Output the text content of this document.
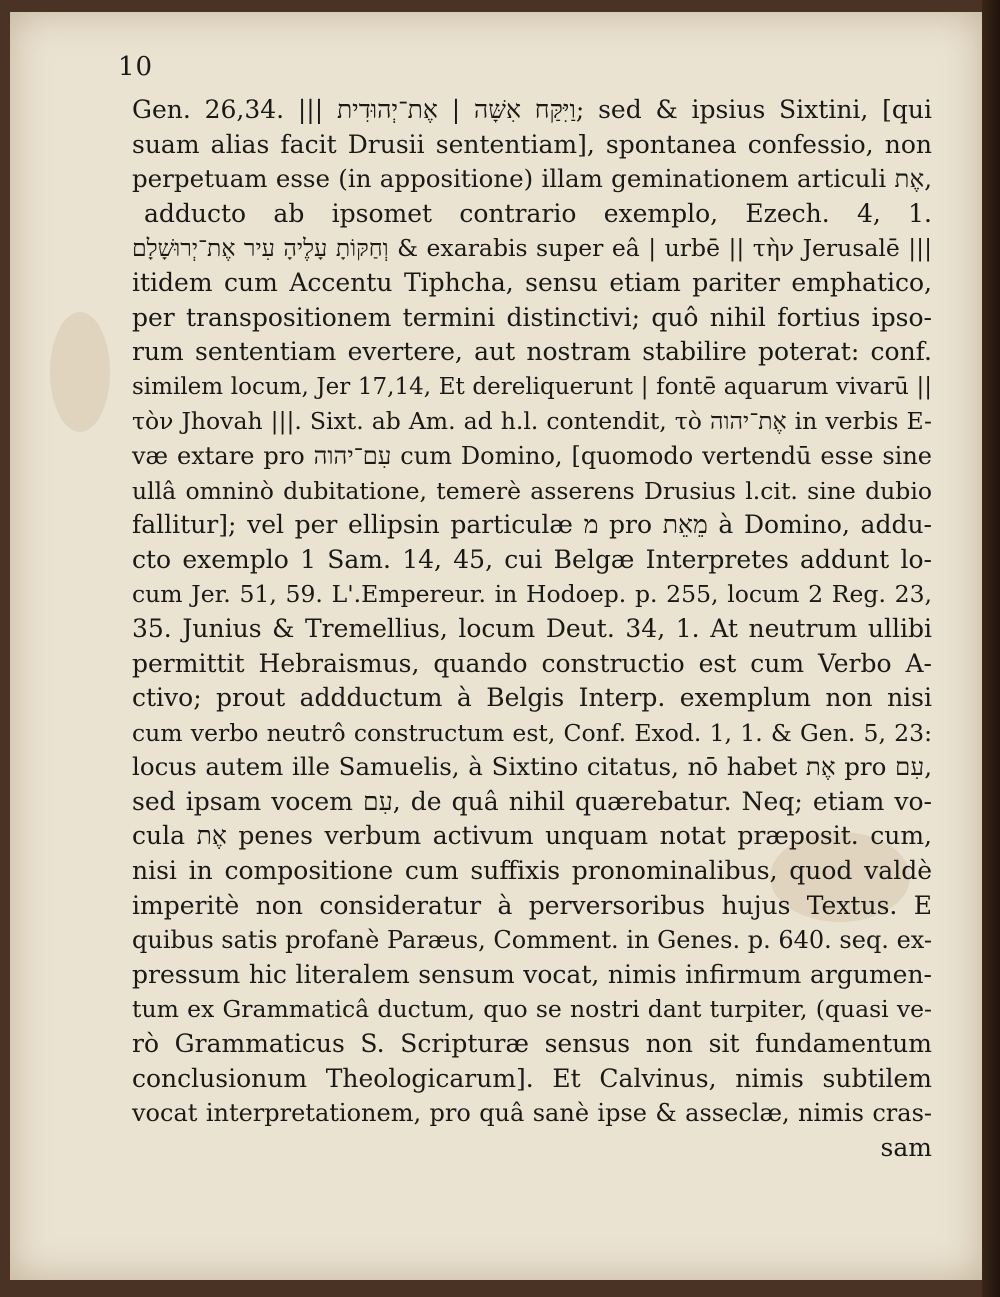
10
Gen. 26,34. ||| וַיִּקַּח אִשָּׁה | אֶת־יְהוּדִית; sed & ipsius Sixtini, [qui
suam alias facit Drusii sententiam], spontanea confessio, non
perpetuam esse (in appositione) illam geminationem articuli אֶת,
adducto ab ipsomet contrario exemplo, Ezech. 4, 1.
וְחַקּוֹתָ עָלֶיהָ עִיר אֶת־יְרוּשָׁלָם & exarabis super eâ | urbē || τὴν Jerusalē |||
itidem cum Accentu Tiphcha, sensu etiam pariter emphatico,
per transpositionem termini distinctivi; quô nihil fortius ipso-
rum sententiam evertere, aut nostram stabilire poterat: conf.
similem locum, Jer 17,14, Et dereliquerunt | fontē aquarum vivarū ||
τὸν Jhovah |||. Sixt. ab Am. ad h.l. contendit, τὸ אֶת־יהוה in verbis E-
væ extare pro עִם־יהוה cum Domino, [quomodo vertendū esse sine
ullâ omninò dubitatione, temerè asserens Drusius l.cit. sine dubio
fallitur]; vel per ellipsin particulæ מ pro מֵאֵת à Domino, addu-
cto exemplo 1 Sam. 14, 45, cui Belgæ Interpretes addunt lo-
cum Jer. 51, 59. L'.Empereur. in Hodoep. p. 255, locum 2 Reg. 23,
35. Junius & Tremellius, locum Deut. 34, 1. At neutrum ullibi
permittit Hebraismus, quando constructio est cum Verbo A-
ctivo; prout addductum à Belgis Interp. exemplum non nisi
cum verbo neutrô constructum est, Conf. Exod. 1, 1. & Gen. 5, 23:
locus autem ille Samuelis, à Sixtino citatus, nō habet אֶת pro עִם,
sed ipsam vocem עִם, de quâ nihil quærebatur. Neq; etiam vo-
cula אֶת penes verbum activum unquam notat præposit. cum,
nisi in compositione cum suffixis pronominalibus, quod valdè
imperitè non consideratur à perversoribus hujus Textus. E
quibus satis profanè Paræus, Comment. in Genes. p. 640. seq. ex-
pressum hic literalem sensum vocat, nimis infirmum argumen-
tum ex Grammaticâ ductum, quo se nostri dant turpiter, (quasi ve-
rò Grammaticus S. Scripturæ sensus non sit fundamentum
conclusionum Theologicarum]. Et Calvinus, nimis subtilem
vocat interpretationem, pro quâ sanè ipse & asseclæ, nimis cras-
sam
